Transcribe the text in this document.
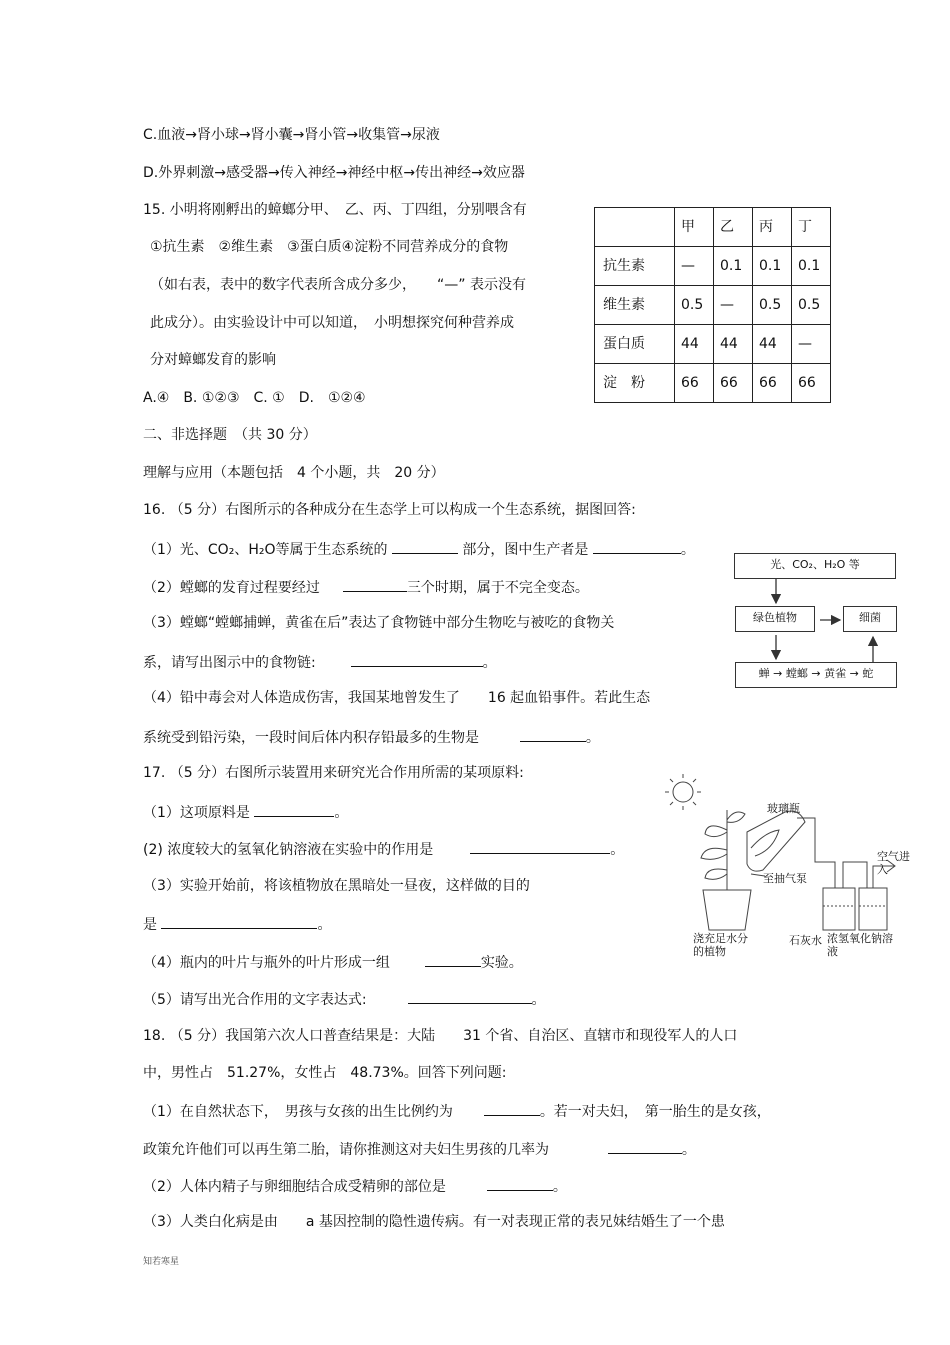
C.血液→肾小球→肾小囊→肾小管→收集管→尿液
D.外界刺激→感受器→传入神经→神经中枢→传出神经→效应器
15. 小明将刚孵出的蟑螂分甲、　乙、丙、丁四组，分别喂含有
①抗生素　②维生素　③蛋白质④淀粉不同营养成分的食物
（如右表，表中的数字代表所含成分多少，　　“—” 表示没有
此成分）。由实验设计中可以知道，　小明想探究何种营养成
分对蟑螂发育的影响
A.④　B. ①②③　C. ①　D.　①②④
二、非选择题　（共 30 分）
理解与应用（本题包括　4 个小题，共　20 分）
	甲	乙	丙	丁
抗生素	—	0.1	0.1	0.1
维生素	0.5	—	0.5	0.5
蛋白质	44	44	44	—
淀　粉	66	66	66	66
16. （5 分）右图所示的各种成分在生态学上可以构成一个生态系统，据图回答:
（1）光、CO₂、H₂O等属于生态系统的	部分，图中生产者是	。
（2）螳螂的发育过程要经过	三个时期，属于不完全变态。
（3）螳螂“螳螂捕蝉，黄雀在后”表达了食物链中部分生物吃与被吃的食物关
系，请写出图示中的食物链:	。
（4）铅中毒会对人体造成伤害，我国某地曾发生了　　16 起血铅事件。若此生态
系统受到铅污染，一段时间后体内积存铅最多的生物是	。
光、CO₂、H₂O 等
绿色植物	细菌
蝉 → 螳螂 → 黄雀 → 蛇
17. （5 分）右图所示装置用来研究光合作用所需的某项原料:
（1）这项原料是	。
(2) 浓度较大的氢氧化钠溶液在实验中的作用是	。
（3）实验开始前，将该植物放在黑暗处一昼夜，这样做的目的
是	。
（4）瓶内的叶片与瓶外的叶片形成一组	实验。
（5）请写出光合作用的文字表达式:	。
玻璃瓶
空气进入
至抽气泵
浇充足水分的植物
石灰水 浓氢氧化钠溶液
18. （5 分）我国第六次人口普查结果是：大陆　　31 个省、自治区、直辖市和现役军人的人口
中，男性占　51.27%，女性占　48.73%。回答下列问题:
（1）在自然状态下，　男孩与女孩的出生比例约为	。若一对夫妇，　第一胎生的是女孩，
政策允许他们可以再生第二胎，请你推测这对夫妇生男孩的几率为	。
（2）人体内精子与卵细胞结合成受精卵的部位是	。
（3）人类白化病是由　　a 基因控制的隐性遗传病。有一对表现正常的表兄妹结婚生了一个患
知若寒星
